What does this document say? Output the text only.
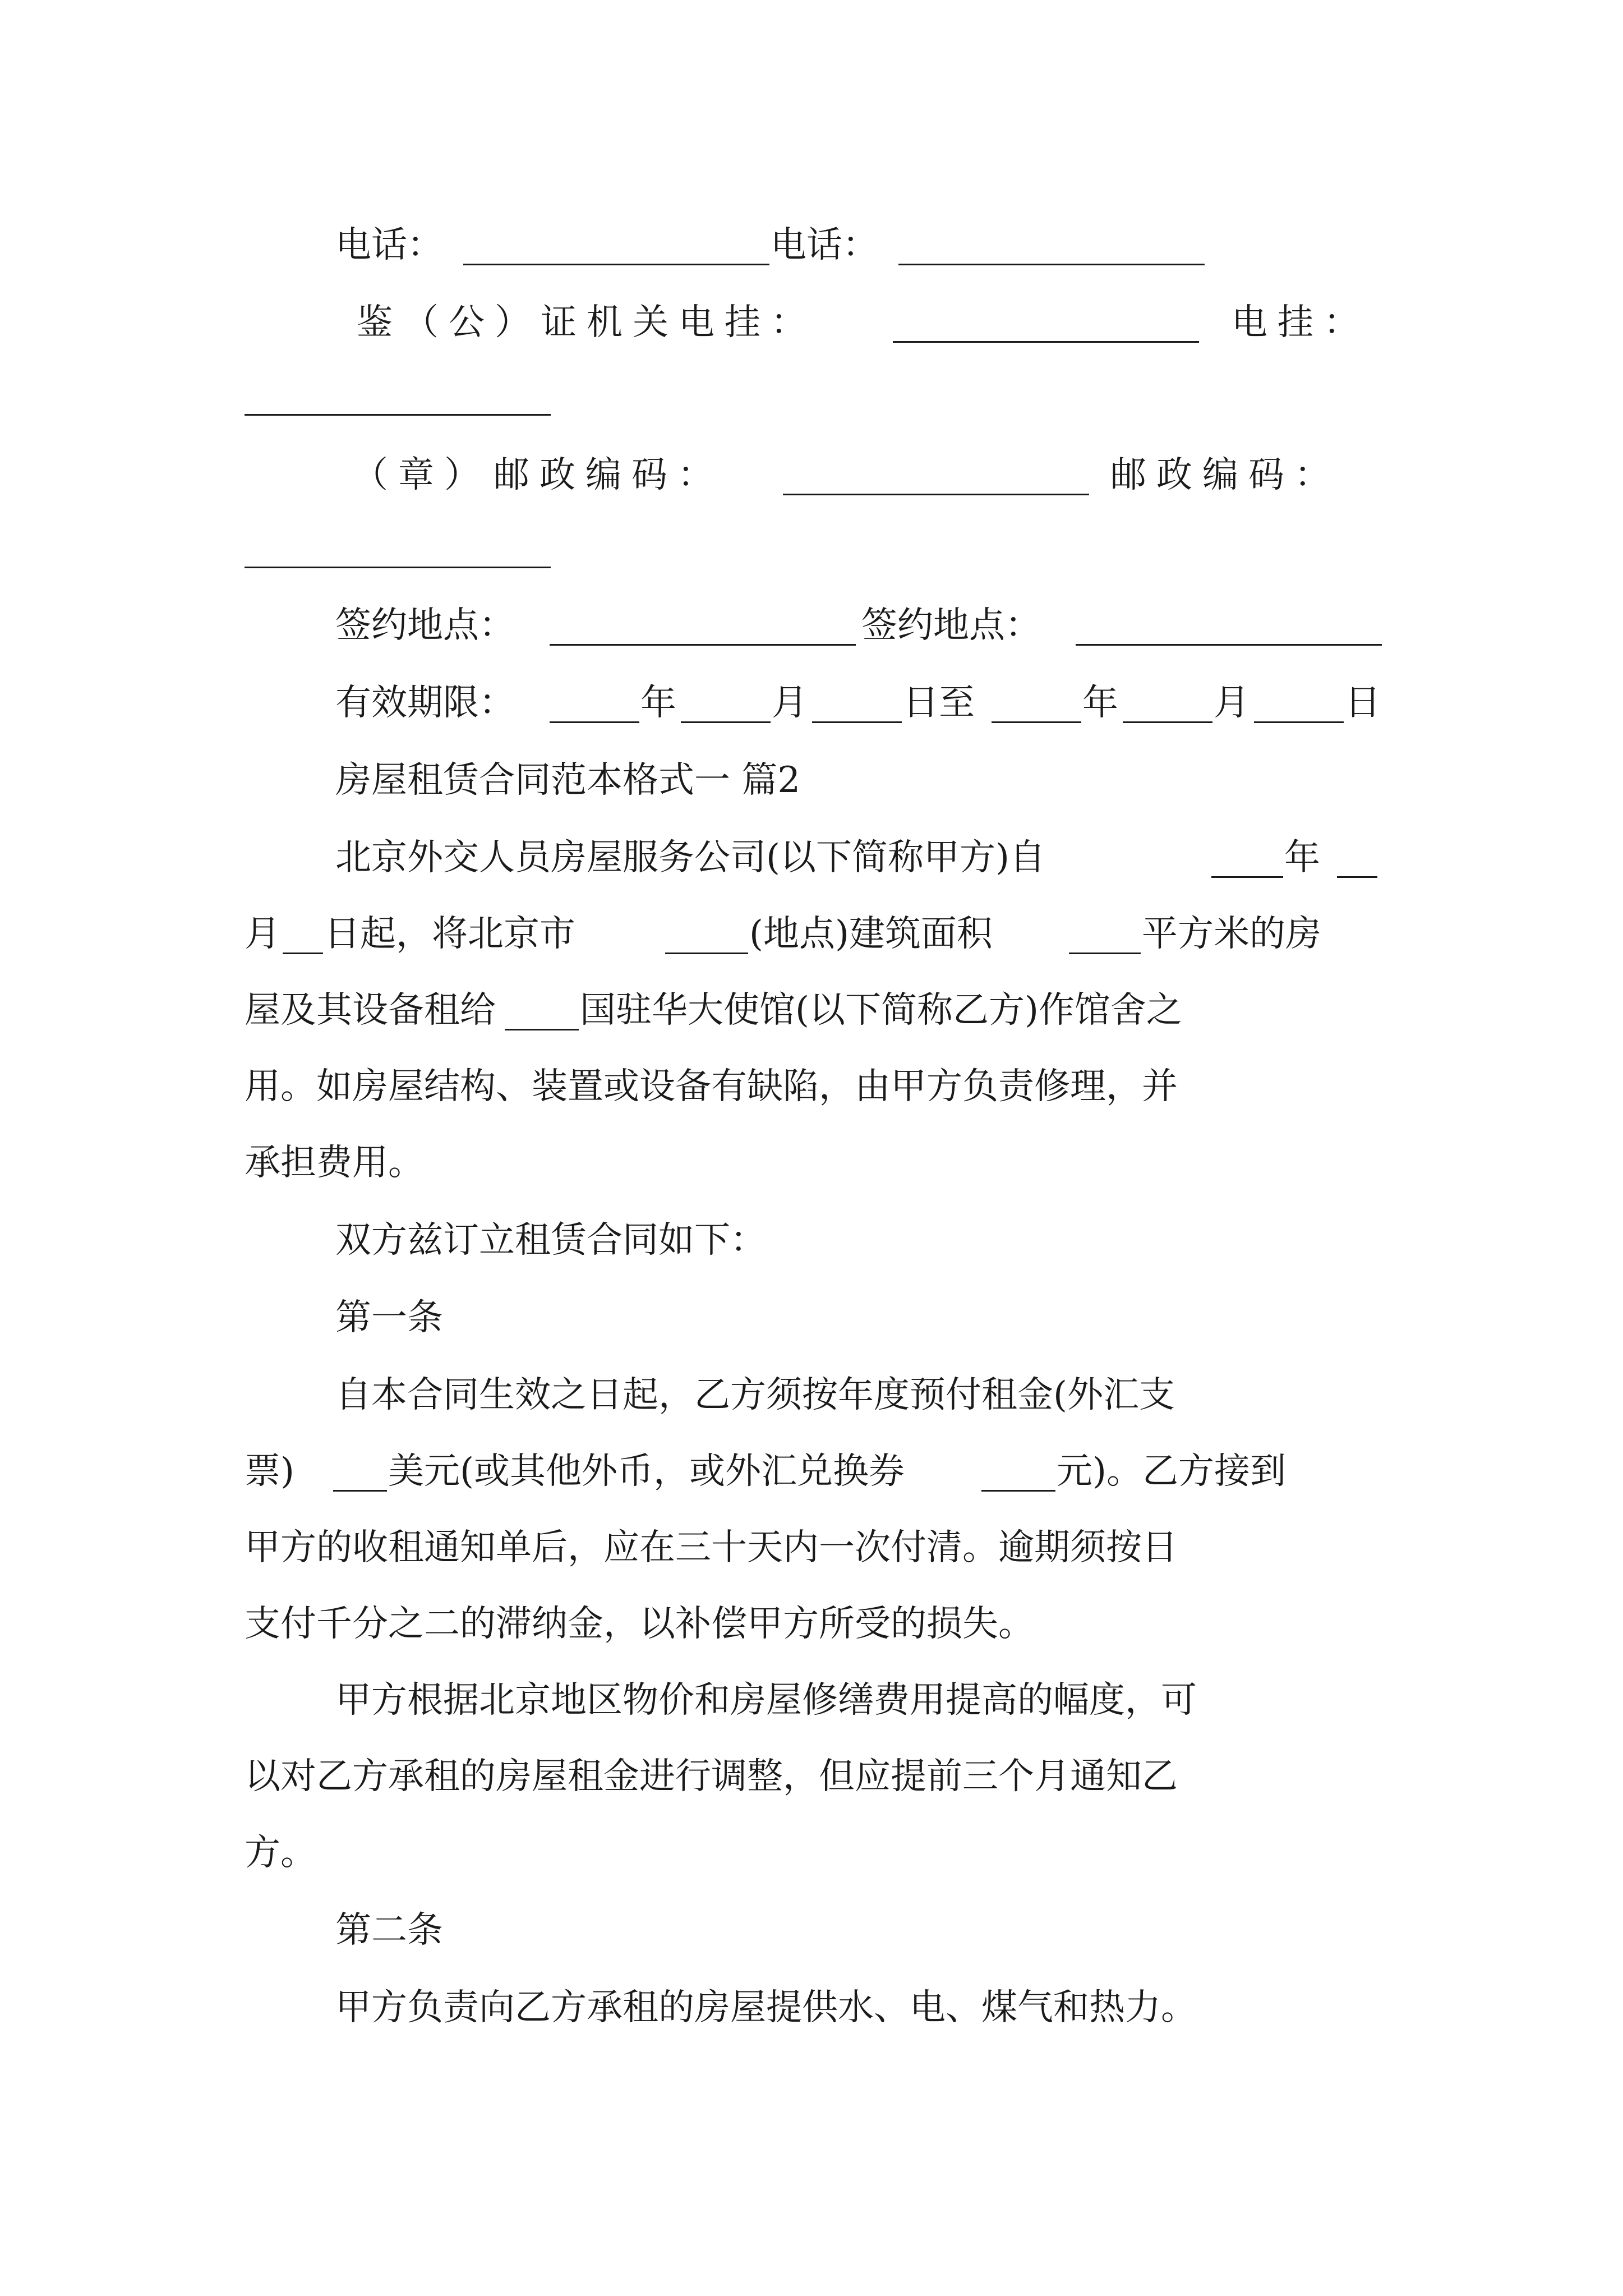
电话：	电话：
鉴（公）证机关电挂：	电挂：
（章） 邮政编码：	邮政编码：
签约地点：	签约地点：
有效期限：	年	月	日至	年	月	日
房屋租赁合同范本格式一 篇2
北京外交人员房屋服务公司(以下简称甲方)自	年
月 日起，将北京市	(地点)建筑面积	平方米的房
屋及其设备租给 国驻华大使馆(以下简称乙方)作馆舍之
用。如房屋结构、装置或设备有缺陷，由甲方负责修理，并
承担费用。
双方兹订立租赁合同如下：
第一条
自本合同生效之日起，乙方须按年度预付租金(外汇支
票)	美元(或其他外币，或外汇兑换券	元)。乙方接到
甲方的收租通知单后，应在三十天内一次付清。逾期须按日
支付千分之二的滞纳金，以补偿甲方所受的损失。
甲方根据北京地区物价和房屋修缮费用提高的幅度，可
以对乙方承租的房屋租金进行调整，但应提前三个月通知乙
方。
第二条
甲方负责向乙方承租的房屋提供水、电、煤气和热力。
